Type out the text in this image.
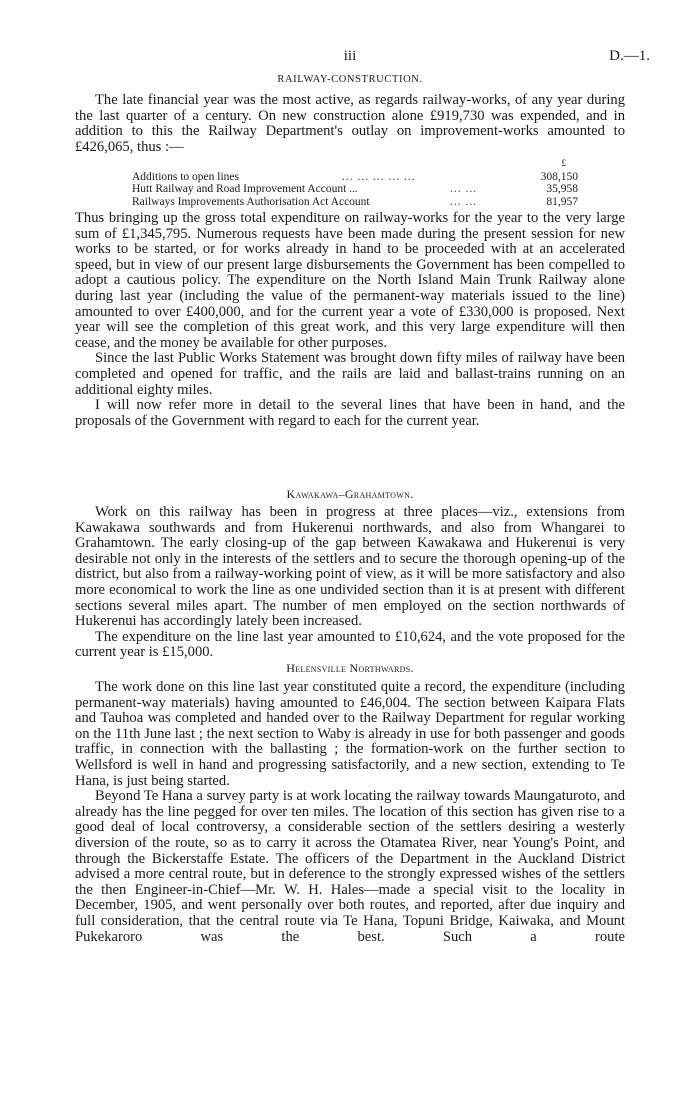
iii	D.—1.
RAILWAY-CONSTRUCTION.

The late financial year was the most active, as regards railway-works, of any year during the last quarter of a century. On new construction alone £919,730 was expended, and in addition to this the Railway Department's outlay on improvement-works amounted to £426,065, thus :—

£
Additions to open lines	... ... ... ... ...	308,150
Hutt Railway and Road Improvement Account ...	... ...	35,958
Railways Improvements Authorisation Act Account	... ...	81,957

Thus bringing up the gross total expenditure on railway-works for the year to the very large sum of £1,345,795. Numerous requests have been made during the present session for new works to be started, or for works already in hand to be proceeded with at an accelerated speed, but in view of our present large disbursements the Government has been compelled to adopt a cautious policy. The expenditure on the North Island Main Trunk Railway alone during last year (including the value of the permanent-way materials issued to the line) amounted to over £400,000, and for the current year a vote of £330,000 is proposed. Next year will see the completion of this great work, and this very large expenditure will then cease, and the money be available for other purposes.

Since the last Public Works Statement was brought down fifty miles of railway have been completed and opened for traffic, and the rails are laid and ballast-trains running on an additional eighty miles.

I will now refer more in detail to the several lines that have been in hand, and the proposals of the Government with regard to each for the current year.

Kawakawa–Grahamtown.

Work on this railway has been in progress at three places—viz., extensions from Kawakawa southwards and from Hukerenui northwards, and also from Whangarei to Grahamtown. The early closing-up of the gap between Kawakawa and Hukerenui is very desirable not only in the interests of the settlers and to secure the thorough opening-up of the district, but also from a railway-working point of view, as it will be more satisfactory and also more economical to work the line as one undivided section than it is at present with different sections several miles apart. The number of men employed on the section northwards of Hukerenui has accordingly lately been increased.

The expenditure on the line last year amounted to £10,624, and the vote proposed for the current year is £15,000.

Helensville Northwards.

The work done on this line last year constituted quite a record, the expenditure (including permanent-way materials) having amounted to £46,004. The section between Kaipara Flats and Tauhoa was completed and handed over to the Railway Department for regular working on the 11th June last ; the next section to Waby is already in use for both passenger and goods traffic, in connection with the ballasting ; the formation-work on the further section to Wellsford is well in hand and progressing satisfactorily, and a new section, extending to Te Hana, is just being started.

Beyond Te Hana a survey party is at work locating the railway towards Maungaturoto, and already has the line pegged for over ten miles. The location of this section has given rise to a good deal of local controversy, a considerable section of the settlers desiring a westerly diversion of the route, so as to carry it across the Otamatea River, near Young's Point, and through the Bickerstaffe Estate. The officers of the Department in the Auckland District advised a more central route, but in deference to the strongly expressed wishes of the settlers the then Engineer-in-Chief—Mr. W. H. Hales—made a special visit to the locality in December, 1905, and went personally over both routes, and reported, after due inquiry and full consideration, that the central route via Te Hana, Topuni Bridge, Kaiwaka, and Mount Pukekaroro was the best. Such a route
